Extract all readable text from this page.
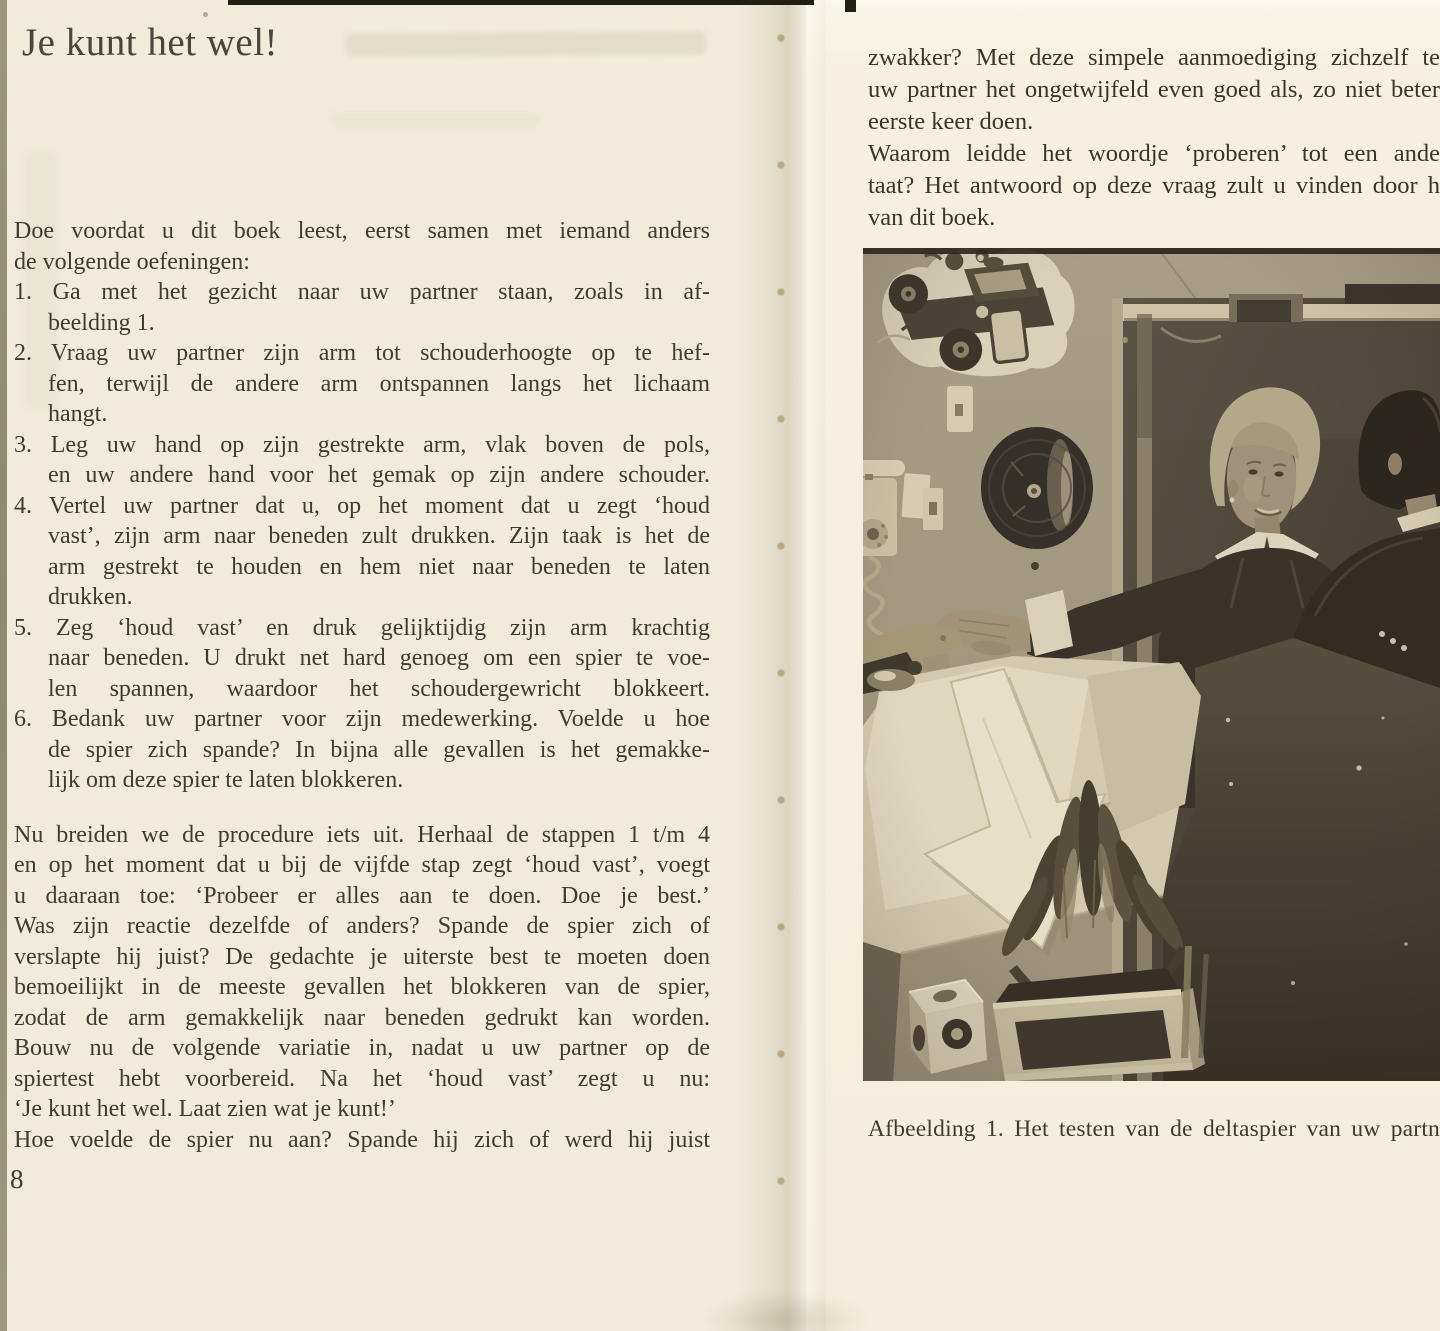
Je kunt het wel!
Doe voordat u dit boek leest, eerst samen met iemand anders
de volgende oefeningen:
1. Ga met het gezicht naar uw partner staan, zoals in af-
beelding 1.
2. Vraag uw partner zijn arm tot schouderhoogte op te hef-
fen, terwijl de andere arm ontspannen langs het lichaam
hangt.
3. Leg uw hand op zijn gestrekte arm, vlak boven de pols,
en uw andere hand voor het gemak op zijn andere schouder.
4. Vertel uw partner dat u, op het moment dat u zegt ‘houd
vast’, zijn arm naar beneden zult drukken. Zijn taak is het de
arm gestrekt te houden en hem niet naar beneden te laten
drukken.
5. Zeg ‘houd vast’ en druk gelijktijdig zijn arm krachtig
naar beneden. U drukt net hard genoeg om een spier te voe-
len spannen, waardoor het schoudergewricht blokkeert.
6. Bedank uw partner voor zijn medewerking. Voelde u hoe
de spier zich spande? In bijna alle gevallen is het gemakke-
lijk om deze spier te laten blokkeren.
Nu breiden we de procedure iets uit. Herhaal de stappen 1 t/m 4
en op het moment dat u bij de vijfde stap zegt ‘houd vast’, voegt
u daaraan toe: ‘Probeer er alles aan te doen. Doe je best.’
Was zijn reactie dezelfde of anders? Spande de spier zich of
verslapte hij juist? De gedachte je uiterste best te moeten doen
bemoeilijkt in de meeste gevallen het blokkeren van de spier,
zodat de arm gemakkelijk naar beneden gedrukt kan worden.
Bouw nu de volgende variatie in, nadat u uw partner op de
spiertest hebt voorbereid. Na het ‘houd vast’ zegt u nu:
‘Je kunt het wel. Laat zien wat je kunt!’
Hoe voelde de spier nu aan? Spande hij zich of werd hij juist
8
zwakker? Met deze simpele aanmoediging zichzelf te
uw partner het ongetwijfeld even goed als, zo niet beter
eerste keer doen.
Waarom leidde het woordje ‘proberen’ tot een ande
taat? Het antwoord op deze vraag zult u vinden door h
van dit boek.
Afbeelding 1. Het testen van de deltaspier van uw partn
